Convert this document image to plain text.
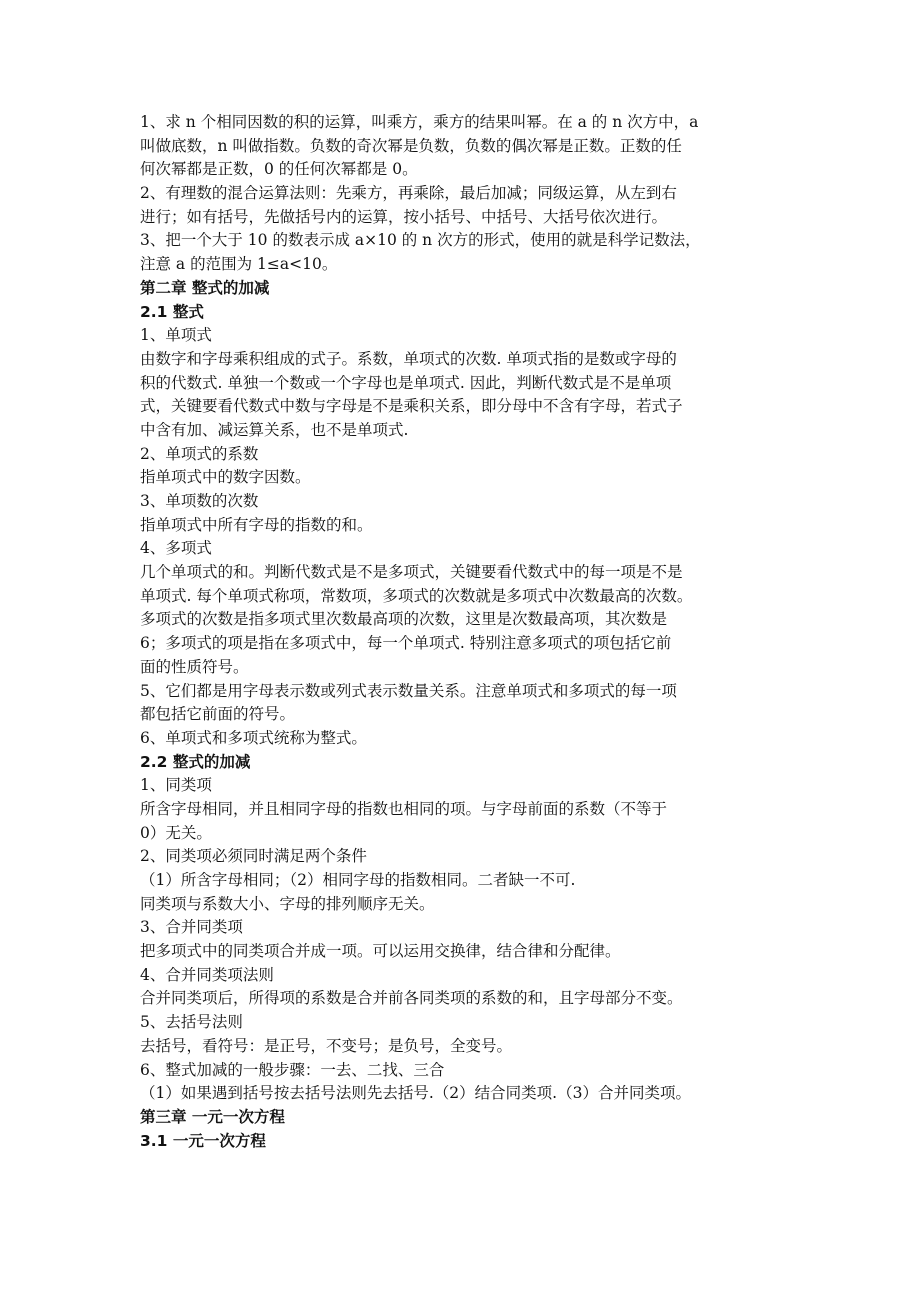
1、求 n 个相同因数的积的运算，叫乘方，乘方的结果叫幂。在 a 的 n 次方中，a
叫做底数，n 叫做指数。负数的奇次幂是负数，负数的偶次幂是正数。正数的任
何次幂都是正数，0 的任何次幂都是 0。
2、有理数的混合运算法则：先乘方，再乘除，最后加减；同级运算，从左到右
进行；如有括号，先做括号内的运算，按小括号、中括号、大括号依次进行。
3、把一个大于 10 的数表示成 a×10 的 n 次方的形式，使用的就是科学记数法，
注意 a 的范围为 1≤a<10。
第二章 整式的加减
2.1 整式
1、单项式
由数字和字母乘积组成的式子。系数，单项式的次数. 单项式指的是数或字母的
积的代数式. 单独一个数或一个字母也是单项式. 因此，判断代数式是不是单项
式，关键要看代数式中数与字母是不是乘积关系，即分母中不含有字母，若式子
中含有加、减运算关系，也不是单项式.
2、单项式的系数
指单项式中的数字因数。
3、单项数的次数
指单项式中所有字母的指数的和。
4、多项式
几个单项式的和。判断代数式是不是多项式，关键要看代数式中的每一项是不是
单项式. 每个单项式称项，常数项，多项式的次数就是多项式中次数最高的次数。
多项式的次数是指多项式里次数最高项的次数，这里是次数最高项，其次数是
6；多项式的项是指在多项式中，每一个单项式. 特别注意多项式的项包括它前
面的性质符号。
5、它们都是用字母表示数或列式表示数量关系。注意单项式和多项式的每一项
都包括它前面的符号。
6、单项式和多项式统称为整式。
2.2 整式的加减
1、同类项
所含字母相同，并且相同字母的指数也相同的项。与字母前面的系数（不等于
0）无关。
2、同类项必须同时满足两个条件
（1）所含字母相同；（2）相同字母的指数相同。二者缺一不可.
同类项与系数大小、字母的排列顺序无关。
3、合并同类项
把多项式中的同类项合并成一项。可以运用交换律，结合律和分配律。
4、合并同类项法则
合并同类项后，所得项的系数是合并前各同类项的系数的和，且字母部分不变。
5、去括号法则
去括号，看符号：是正号，不变号；是负号，全变号。
6、整式加减的一般步骤：一去、二找、三合
（1）如果遇到括号按去括号法则先去括号.（2）结合同类项.（3）合并同类项。
第三章 一元一次方程
3.1 一元一次方程
